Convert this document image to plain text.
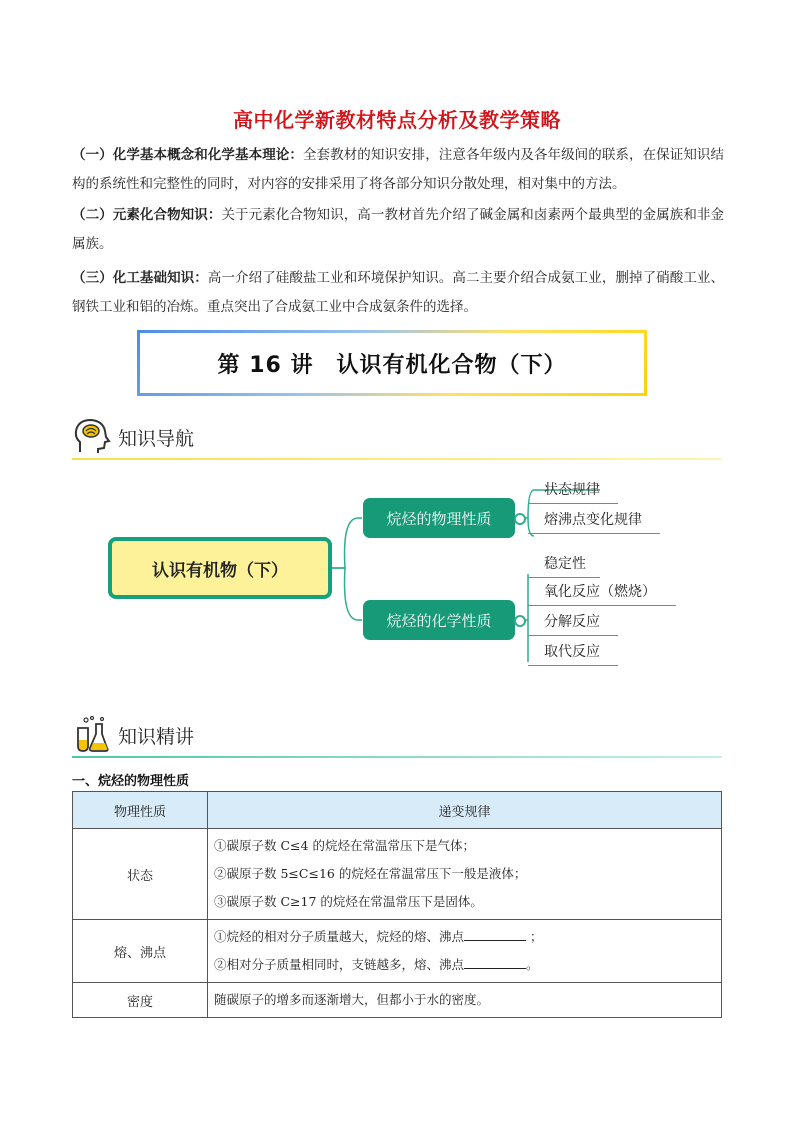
高中化学新教材特点分析及教学策略
（一）化学基本概念和化学基本理论：全套教材的知识安排，注意各年级内及各年级间的联系，在保证知识结构的系统性和完整性的同时，对内容的安排采用了将各部分知识分散处理，相对集中的方法。
（二）元素化合物知识：关于元素化合物知识，高一教材首先介绍了碱金属和卤素两个最典型的金属族和非金属族。
（三）化工基础知识：高一介绍了硅酸盐工业和环境保护知识。高二主要介绍合成氨工业，删掉了硝酸工业、钢铁工业和铝的冶炼。重点突出了合成氨工业中合成氨条件的选择。
第 16 讲　认识有机化合物（下）
知识导航
认识有机物（下）
烷烃的物理性质
烷烃的化学性质
状态规律
熔沸点变化规律
稳定性
氧化反应（燃烧）
分解反应
取代反应
知识精讲
一、烷烃的物理性质
物理性质	递变规律
状态	①碳原子数 C≤4 的烷烃在常温常压下是气体；
②碳原子数 5≤C≤16 的烷烃在常温常压下一般是液体；
③碳原子数 C≥17 的烷烃在常温常压下是固体。

熔、沸点	①烷烃的相对分子质量越大，烷烃的熔、沸点 ；
②相对分子质量相同时，支链越多，熔、沸点 。

密度	随碳原子的增多而逐渐增大，但都小于水的密度。
